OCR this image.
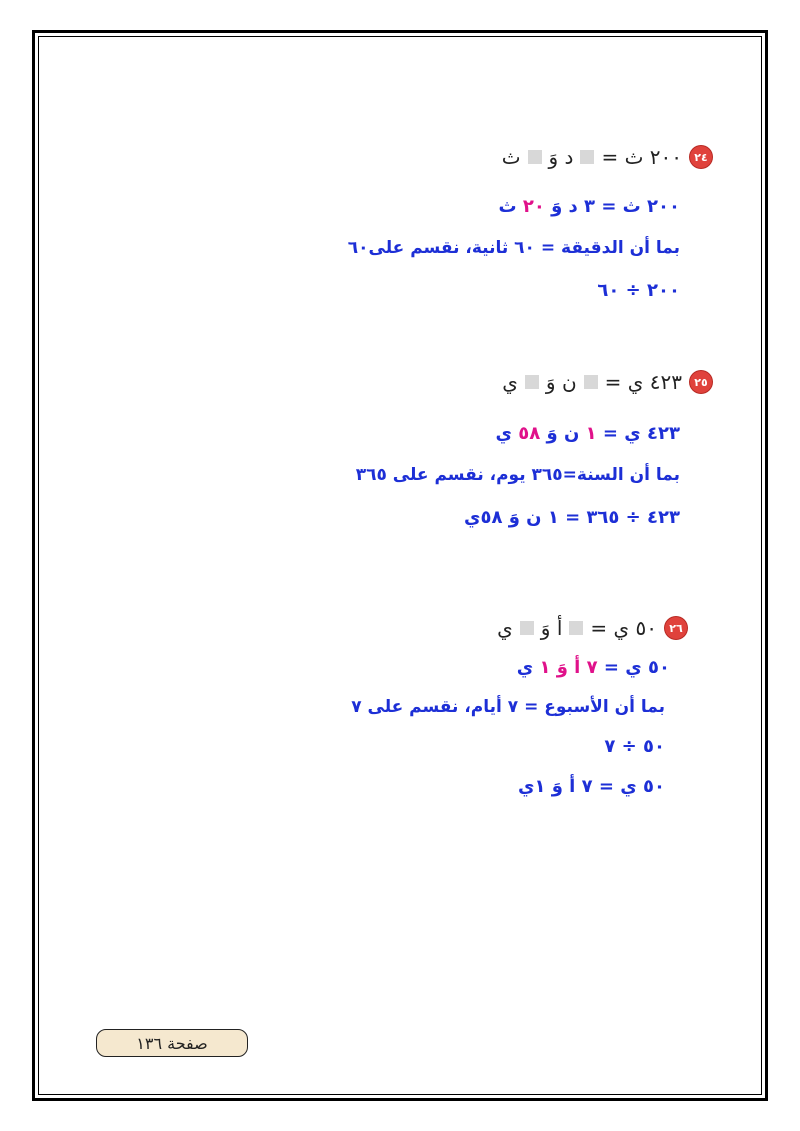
٢٤
٢٠٠ ث =
د وَ
ث
٢٠٠ ث = ٣ د وَ ٢٠ ث
بما أن الدقيقة = ٦٠ ثانية، نقسم على٦٠
٢٠٠ ÷ ٦٠
٢٥
٤٢٣ ي =
ن وَ
ي
٤٢٣ ي = ١ ن وَ ٥٨ ي
بما أن السنة=٣٦٥ يوم، نقسم على ٣٦٥
٤٢٣ ÷ ٣٦٥ = ١ ن وَ ٥٨ي
٢٦
٥٠ ي =
أ وَ
ي
٥٠ ي = ٧ أ وَ ١ ي
بما أن الأسبوع = ٧ أيام، نقسم على ٧
٥٠ ÷ ٧
٥٠ ي = ٧ أ وَ ١ي
صفحة ١٣٦
